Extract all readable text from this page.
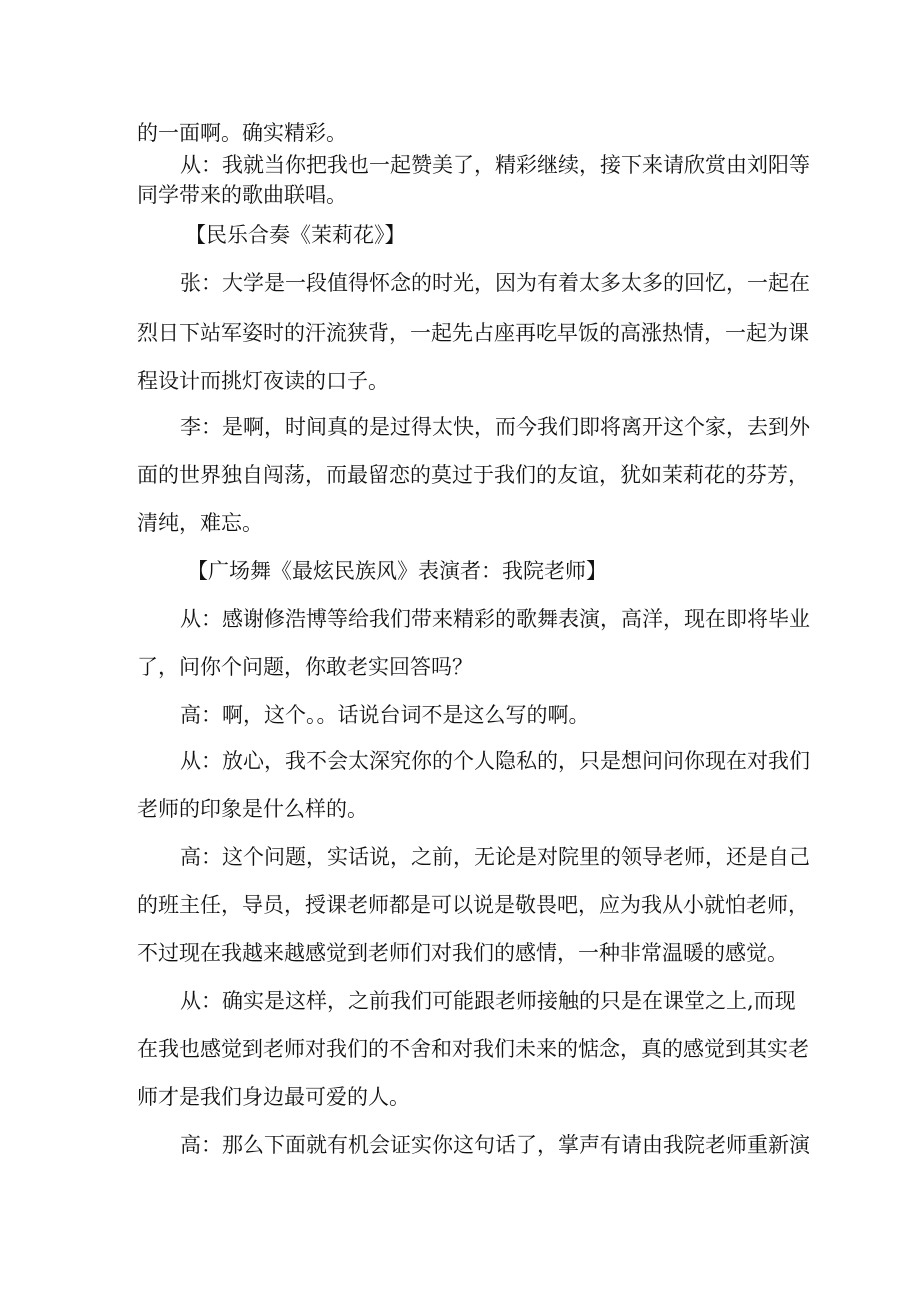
的一面啊。确实精彩。
从：我就当你把我也一起赞美了，精彩继续，接下来请欣赏由刘阳等
同学带来的歌曲联唱。
【民乐合奏《茉莉花》】
张：大学是一段值得怀念的时光，因为有着太多太多的回忆，一起在
烈日下站军姿时的汗流狭背，一起先占座再吃早饭的高涨热情，一起为课
程设计而挑灯夜读的口子。
李：是啊，时间真的是过得太快，而今我们即将离开这个家，去到外
面的世界独自闯荡，而最留恋的莫过于我们的友谊，犹如茉莉花的芬芳，
清纯，难忘。
【广场舞《最炫民族风》表演者：我院老师】
从：感谢修浩博等给我们带来精彩的歌舞表演，高洋，现在即将毕业
了，问你个问题，你敢老实回答吗？
高：啊，这个。。话说台词不是这么写的啊。
从：放心，我不会太深究你的个人隐私的，只是想问问你现在对我们
老师的印象是什么样的。
高：这个问题，实话说，之前，无论是对院里的领导老师，还是自己
的班主任，导员，授课老师都是可以说是敬畏吧，应为我从小就怕老师，
不过现在我越来越感觉到老师们对我们的感情，一种非常温暖的感觉。
从：确实是这样，之前我们可能跟老师接触的只是在课堂之上,而现
在我也感觉到老师对我们的不舍和对我们未来的惦念，真的感觉到其实老
师才是我们身边最可爱的人。
高：那么下面就有机会证实你这句话了，掌声有请由我院老师重新演
